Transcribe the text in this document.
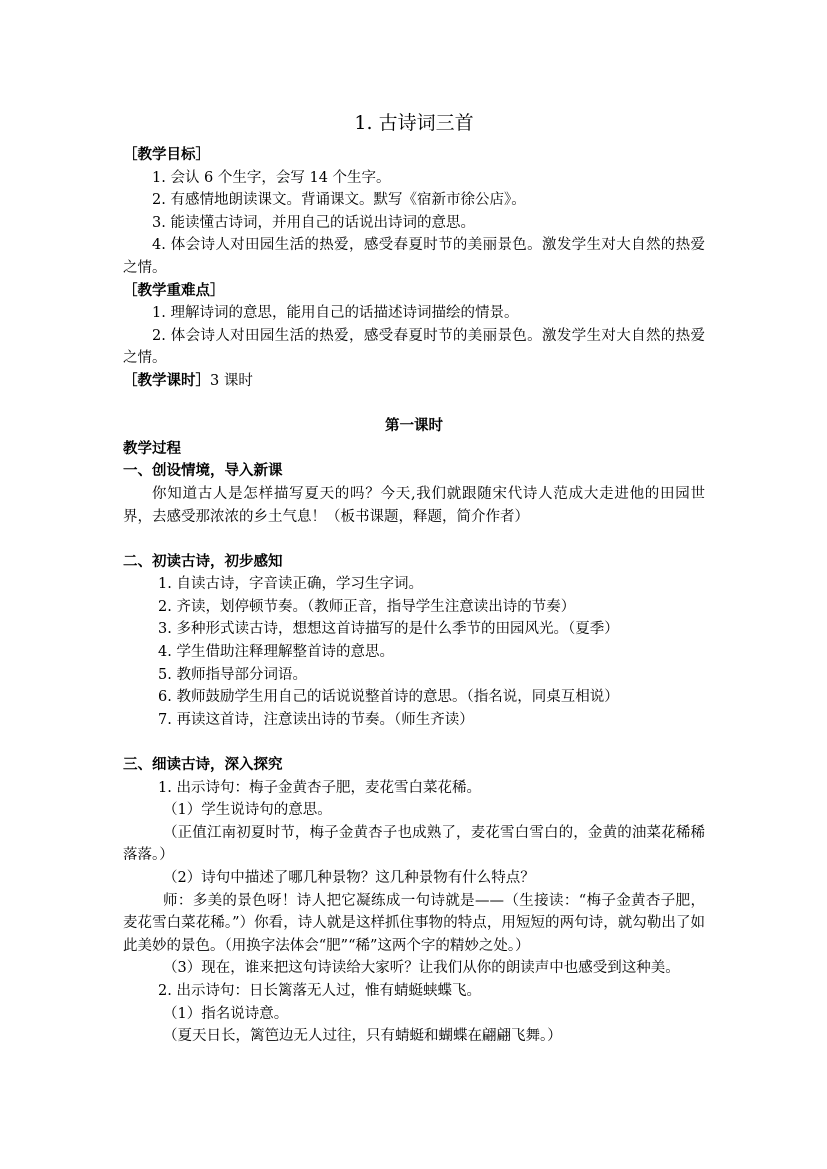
1. 古诗词三首

［教学目标］

1. 会认 6 个生字，会写 14 个生字。

2. 有感情地朗读课文。背诵课文。默写《宿新市徐公店》。

3. 能读懂古诗词，并用自己的话说出诗词的意思。

4. 体会诗人对田园生活的热爱，感受春夏时节的美丽景色。激发学生对大自然的热爱之情。

［教学重难点］

1. 理解诗词的意思，能用自己的话描述诗词描绘的情景。

2. 体会诗人对田园生活的热爱，感受春夏时节的美丽景色。激发学生对大自然的热爱之情。

［教学课时］3 课时

第一课时

教学过程

一、创设情境，导入新课

你知道古人是怎样描写夏天的吗？今天,我们就跟随宋代诗人范成大走进他的田园世界，去感受那浓浓的乡土气息！（板书课题，释题，简介作者）

二、初读古诗，初步感知

1. 自读古诗，字音读正确，学习生字词。

2. 齐读，划停顿节奏。（教师正音，指导学生注意读出诗的节奏）

3. 多种形式读古诗，想想这首诗描写的是什么季节的田园风光。（夏季）

4. 学生借助注释理解整首诗的意思。

5. 教师指导部分词语。

6. 教师鼓励学生用自己的话说说整首诗的意思。（指名说，同桌互相说）

7. 再读这首诗，注意读出诗的节奏。（师生齐读）

三、细读古诗，深入探究

1. 出示诗句：梅子金黄杏子肥，麦花雪白菜花稀。

（1）学生说诗句的意思。

（正值江南初夏时节，梅子金黄杏子也成熟了，麦花雪白雪白的，金黄的油菜花稀稀落落。）

（2）诗句中描述了哪几种景物？这几种景物有什么特点？

师：多美的景色呀！诗人把它凝练成一句诗就是——（生接读：“梅子金黄杏子肥，麦花雪白菜花稀。”）你看，诗人就是这样抓住事物的特点，用短短的两句诗，就勾勒出了如此美妙的景色。（用换字法体会“肥”“稀”这两个字的精妙之处。）

（3）现在，谁来把这句诗读给大家听？让我们从你的朗读声中也感受到这种美。

2. 出示诗句：日长篱落无人过，惟有蜻蜓蛱蝶飞。

（1）指名说诗意。

（夏天日长，篱笆边无人过往，只有蜻蜓和蝴蝶在翩翩飞舞。）
